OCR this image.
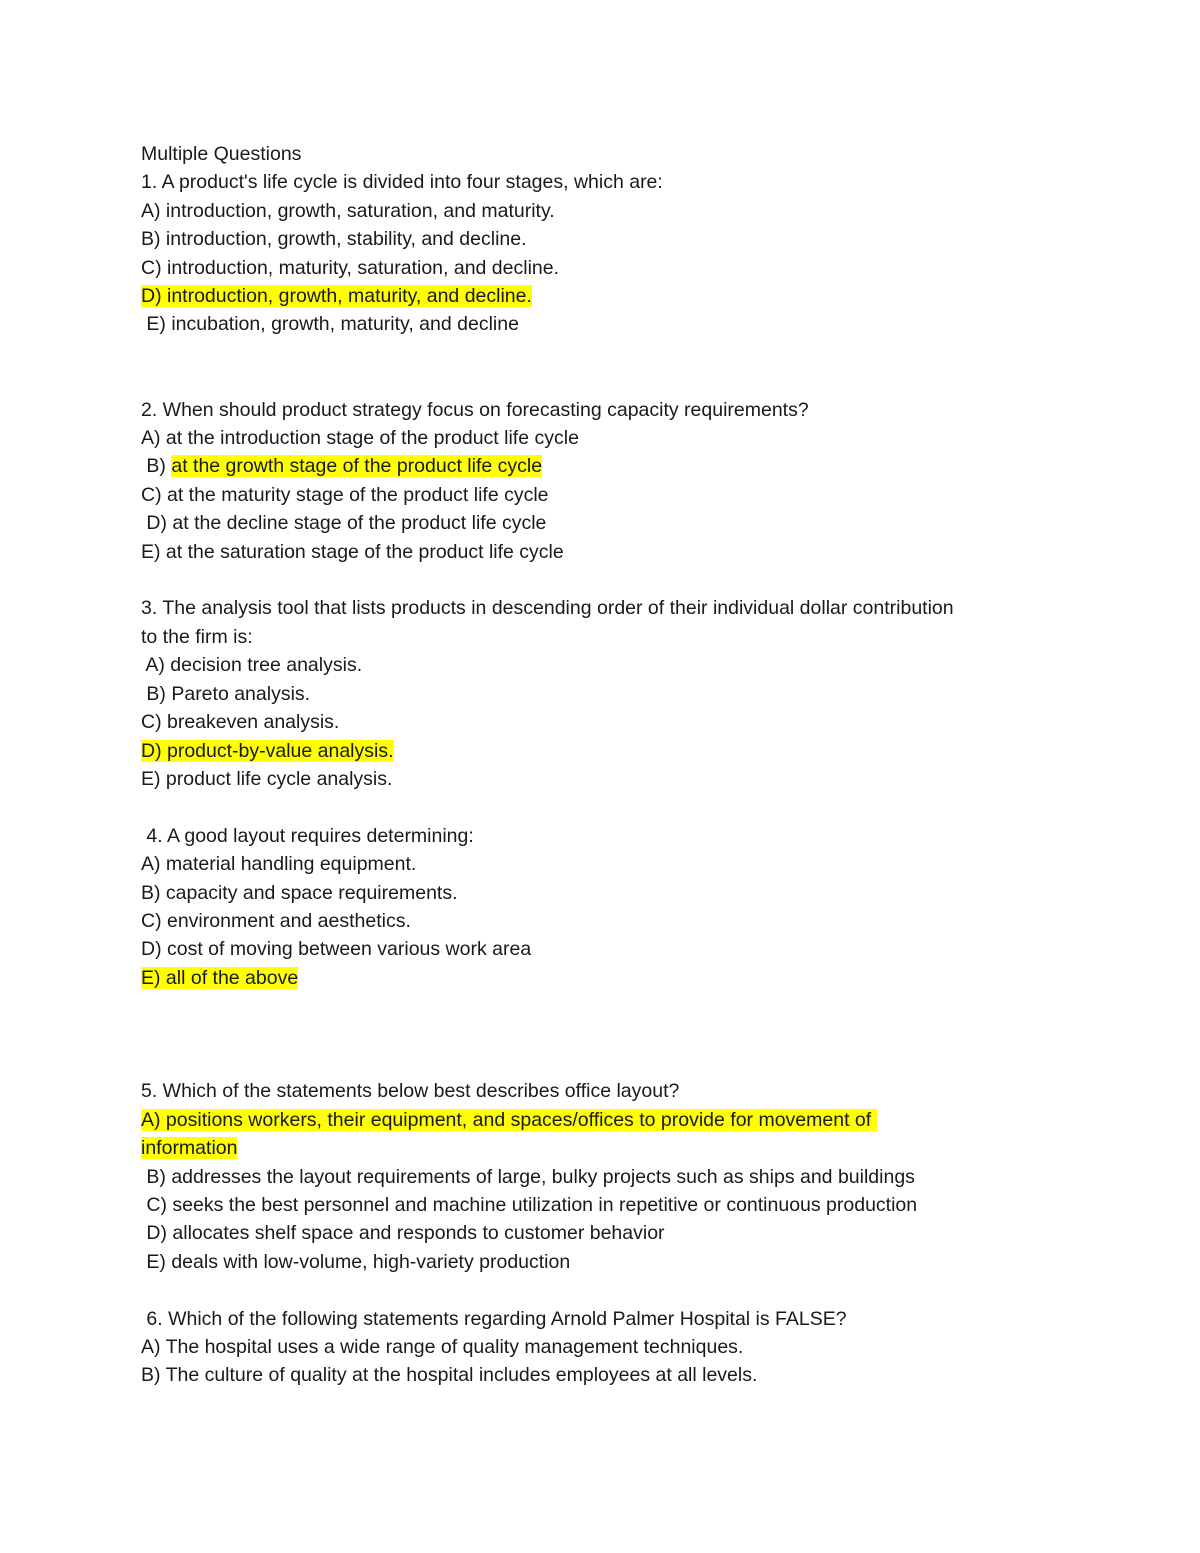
Multiple Questions
1. A product's life cycle is divided into four stages, which are:
A) introduction, growth, saturation, and maturity.
B) introduction, growth, stability, and decline.
C) introduction, maturity, saturation, and decline.
D) introduction, growth, maturity, and decline.
E) incubation, growth, maturity, and decline
2. When should product strategy focus on forecasting capacity requirements?
A) at the introduction stage of the product life cycle
B) at the growth stage of the product life cycle
C) at the maturity stage of the product life cycle
D) at the decline stage of the product life cycle
E) at the saturation stage of the product life cycle
3. The analysis tool that lists products in descending order of their individual dollar contribution
to the firm is:
A) decision tree analysis.
B) Pareto analysis.
C) breakeven analysis.
D) product-by-value analysis.
E) product life cycle analysis.
4. A good layout requires determining:
A) material handling equipment.
B) capacity and space requirements.
C) environment and aesthetics.
D) cost of moving between various work area
E) all of the above
5. Which of the statements below best describes office layout?
A) positions workers, their equipment, and spaces/offices to provide for movement of
information
B) addresses the layout requirements of large, bulky projects such as ships and buildings
C) seeks the best personnel and machine utilization in repetitive or continuous production
D) allocates shelf space and responds to customer behavior
E) deals with low-volume, high-variety production
6. Which of the following statements regarding Arnold Palmer Hospital is FALSE?
A) The hospital uses a wide range of quality management techniques.
B) The culture of quality at the hospital includes employees at all levels.
